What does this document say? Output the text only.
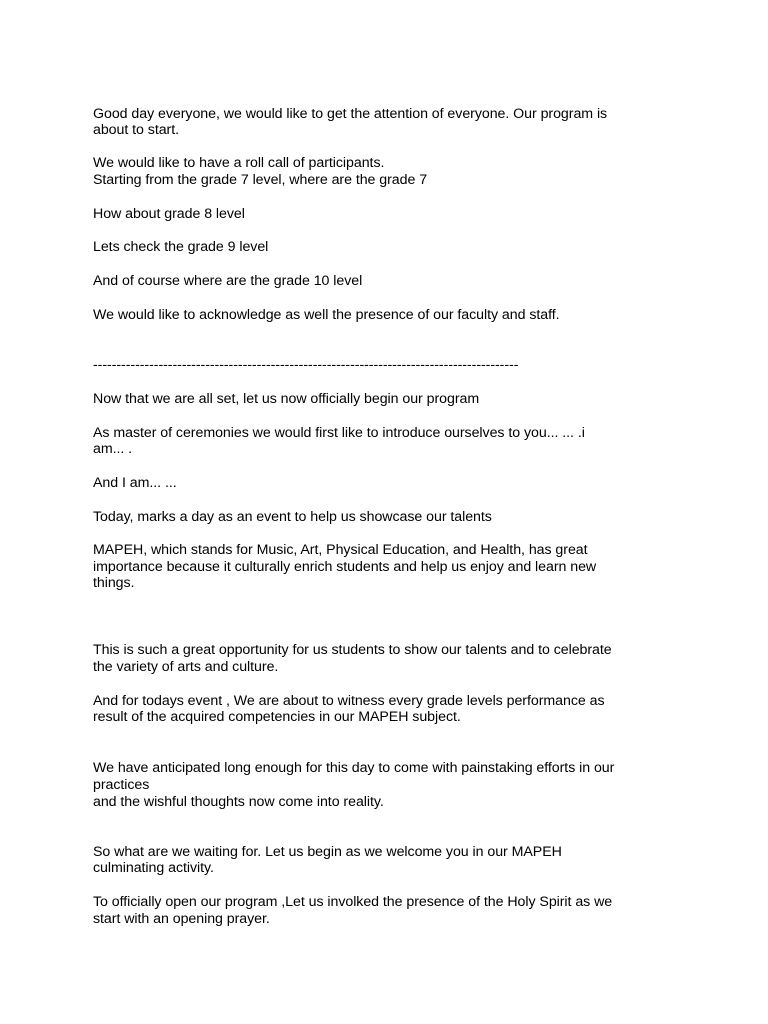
Good day everyone, we would like to get the attention of everyone. Our program is
about to start.
We would like to have a roll call of participants.
Starting from the grade 7 level, where are the grade 7
How about grade 8 level
Lets check the grade 9 level
And of course where are the grade 10 level
We would like to acknowledge as well the presence of our faculty and staff.
-------------------------------------------------------------------------------------------
Now that we are all set, let us now officially begin our program
As master of ceremonies we would first like to introduce ourselves to you... ... .i
am... .
And I am... ...
Today, marks a day as an event to help us showcase our talents
MAPEH, which stands for Music, Art, Physical Education, and Health, has great
importance because it culturally enrich students and help us enjoy and learn new
things.
This is such a great opportunity for us students to show our talents and to celebrate
the variety of arts and culture.
And for todays event , We are about to witness every grade levels performance as
result of the acquired competencies in our MAPEH subject.
We have anticipated long enough for this day to come with painstaking efforts in our
practices
and the wishful thoughts now come into reality.
So what are we waiting for. Let us begin as we welcome you in our MAPEH
culminating activity.
To officially open our program ,Let us involked the presence of the Holy Spirit as we
start with an opening prayer.
